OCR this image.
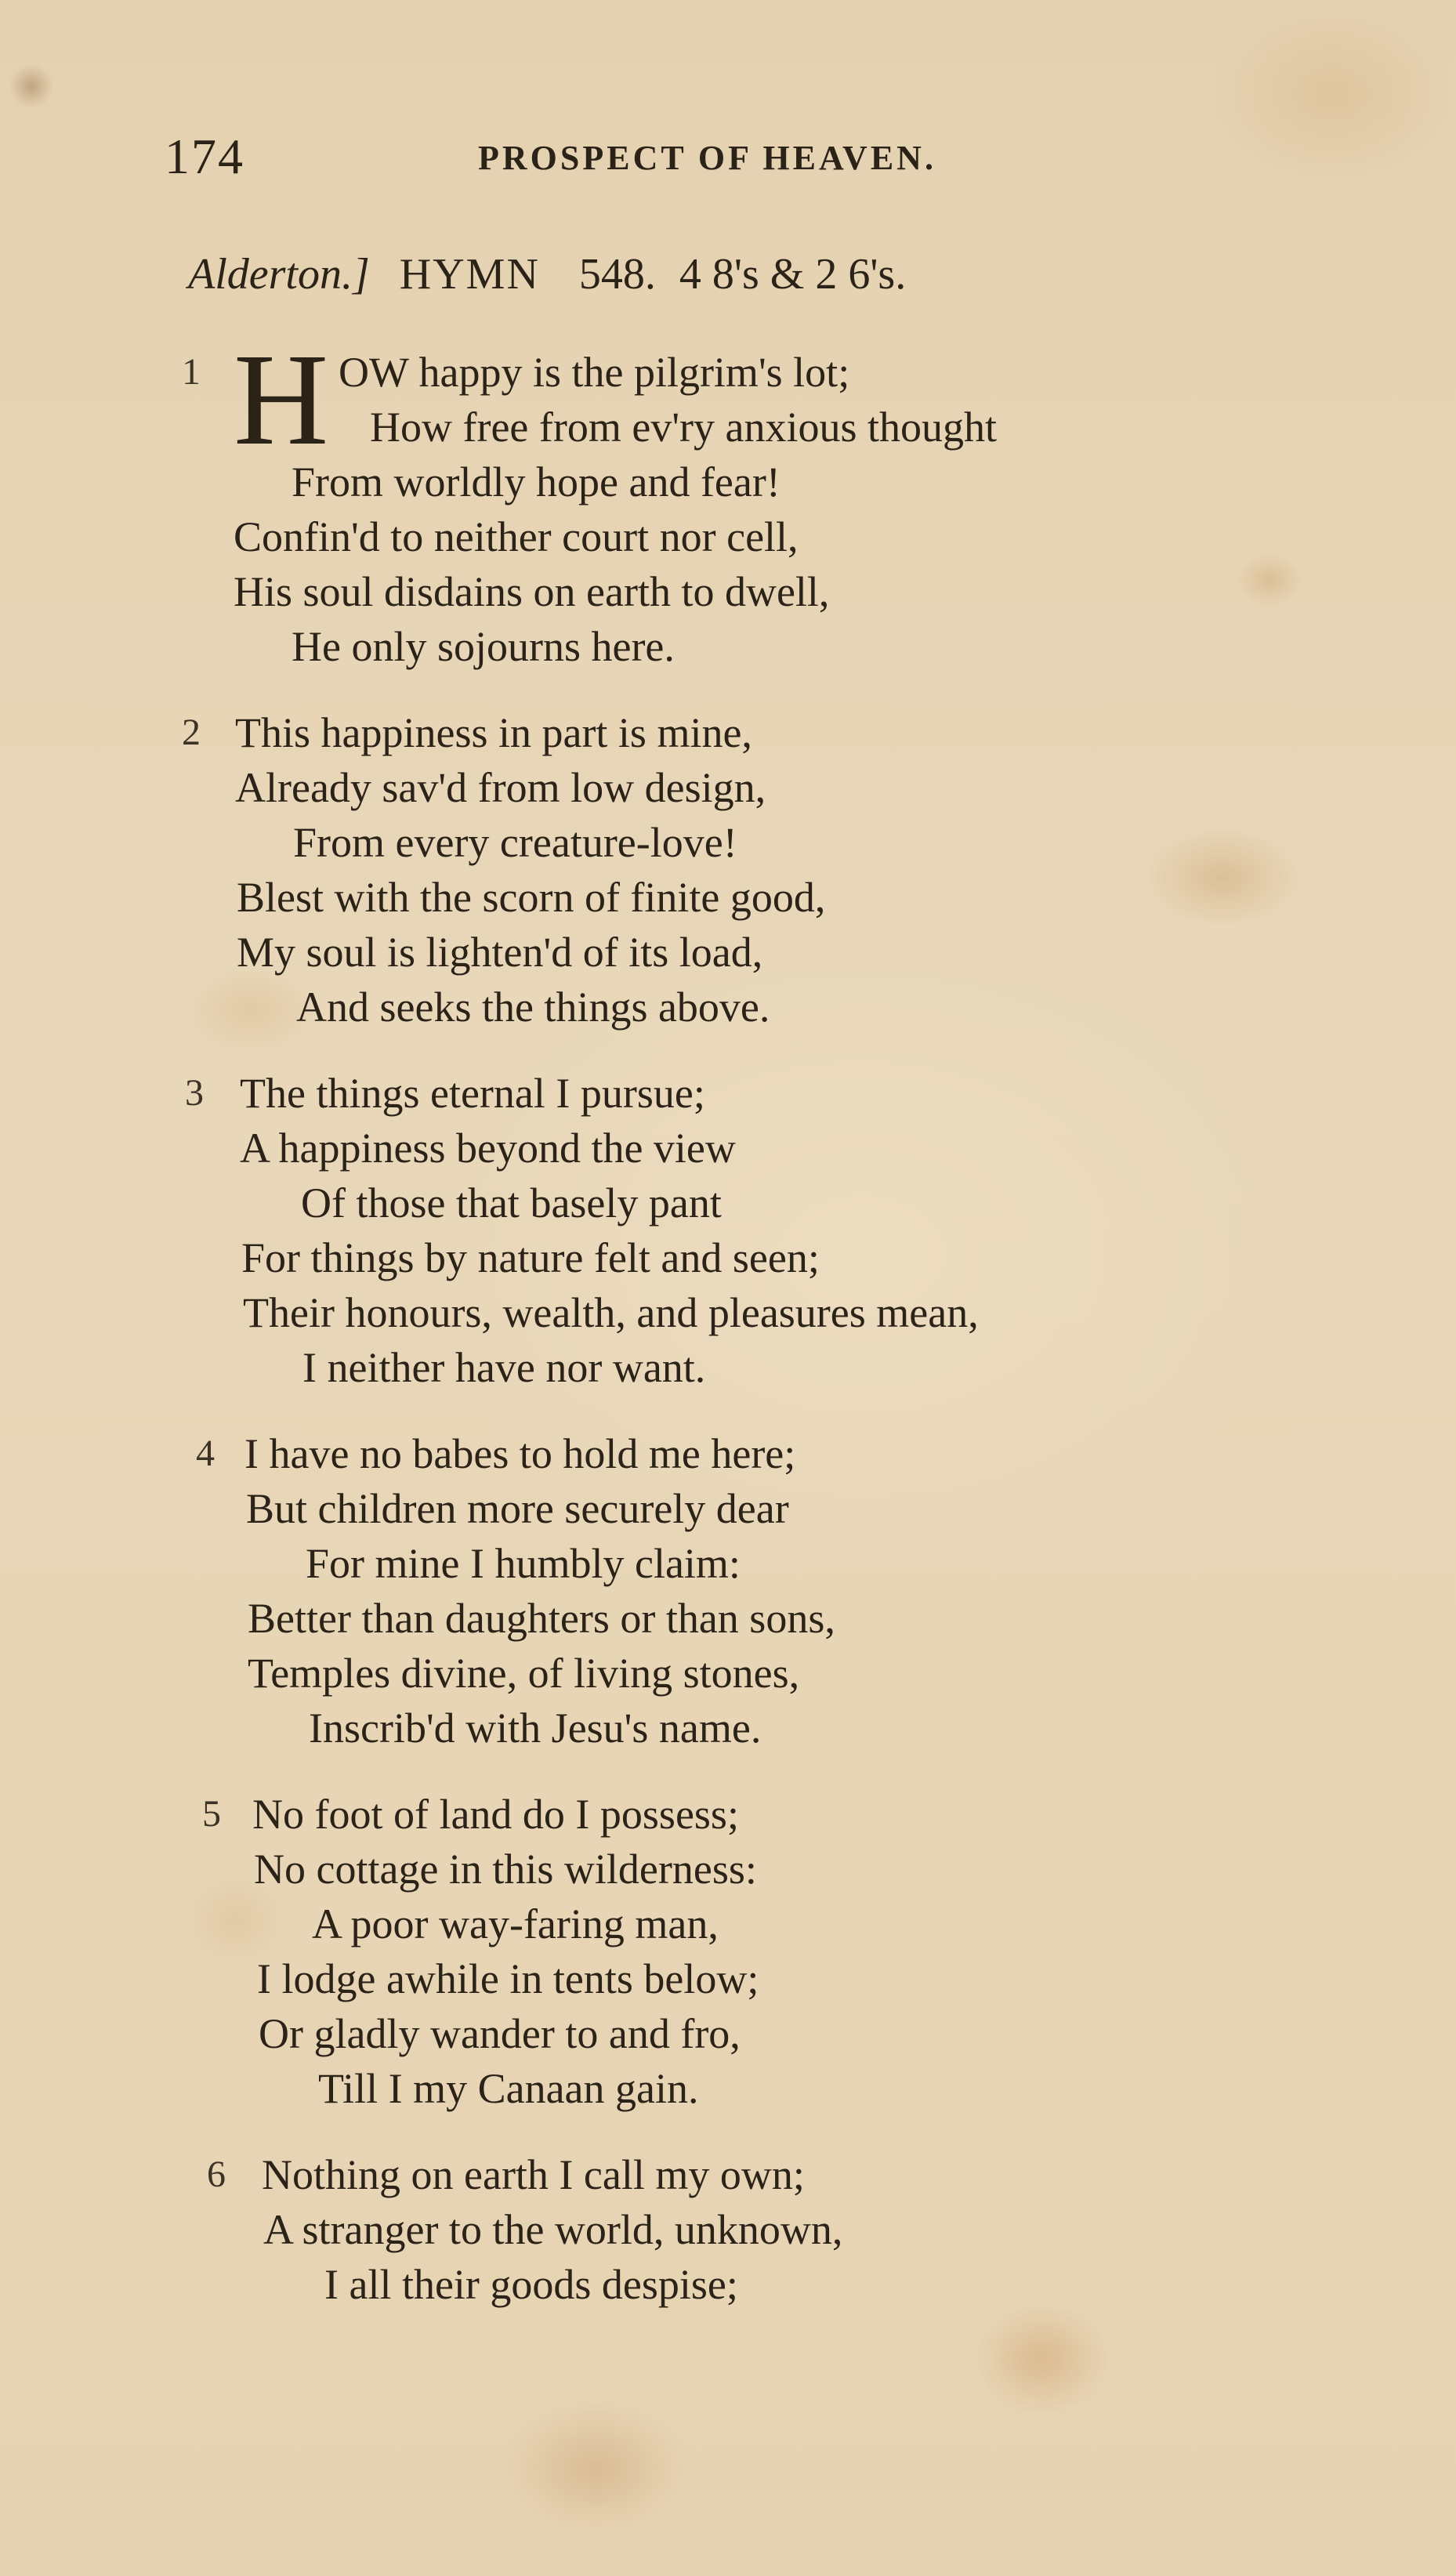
174	PROSPECT OF HEAVEN.
Alderton.] HYMN 548. 4 8's & 2 6's.
H
1	OW happy is the pilgrim's lot;
How free from ev'ry anxious thought
From worldly hope and fear!
Confin'd to neither court nor cell,
His soul disdains on earth to dwell,
He only sojourns here.
2 This happiness in part is mine,
Already sav'd from low design,
From every creature-love!
Blest with the scorn of finite good,
My soul is lighten'd of its load,
And seeks the things above.
3 The things eternal I pursue;
A happiness beyond the view
Of those that basely pant
For things by nature felt and seen;
Their honours, wealth, and pleasures mean,
I neither have nor want.
4 I have no babes to hold me here;
But children more securely dear
For mine I humbly claim:
Better than daughters or than sons,
Temples divine, of living stones,
Inscrib'd with Jesu's name.
5 No foot of land do I possess;
No cottage in this wilderness:
A poor way-faring man,
I lodge awhile in tents below;
Or gladly wander to and fro,
Till I my Canaan gain.
6 Nothing on earth I call my own;
A stranger to the world, unknown,
I all their goods despise;
